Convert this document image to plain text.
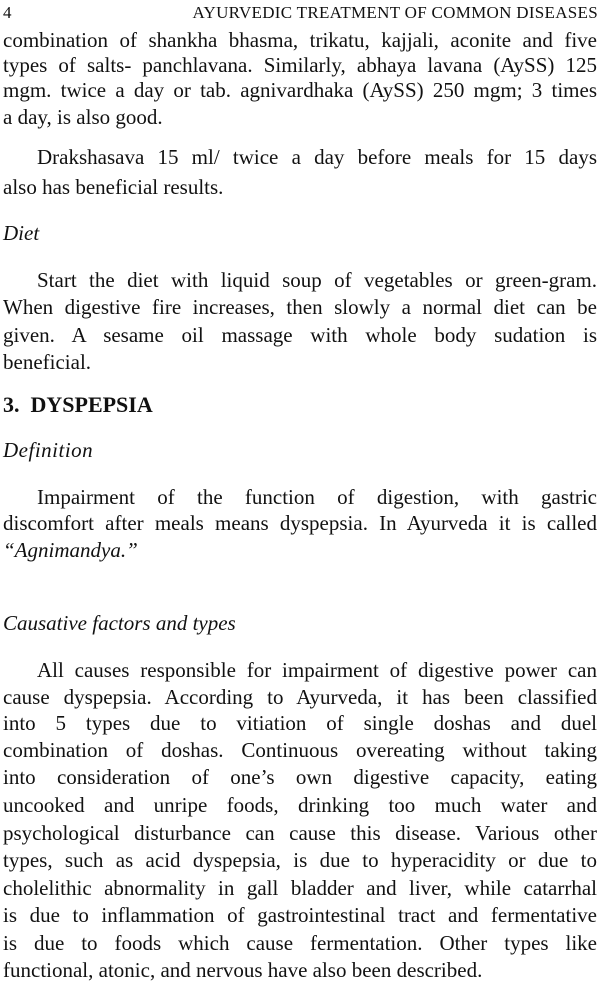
4	AYURVEDIC TREATMENT OF COMMON DISEASES
combination of shankha bhasma, trikatu, kajjali, aconite and five
types of salts- panchlavana. Similarly, abhaya lavana (AySS) 125
mgm. twice a day or tab. agnivardhaka (AySS) 250 mgm; 3 times
a day, is also good.
Drakshasava 15 ml/ twice a day before meals for 15 days
also has beneficial results.
Diet
Start the diet with liquid soup of vegetables or green-gram.
When digestive fire increases, then slowly a normal diet can be
given. A sesame oil massage with whole body sudation is
beneficial.
3.  DYSPEPSIA
Definition
Impairment of the function of digestion, with gastric
discomfort after meals means dyspepsia. In Ayurveda it is called
“Agnimandya.”
Causative factors and types
All causes responsible for impairment of digestive power can
cause dyspepsia. According to Ayurveda, it has been classified
into 5 types due to vitiation of single doshas and duel
combination of doshas. Continuous overeating without taking
into consideration of one’s own digestive capacity, eating
uncooked and unripe foods, drinking too much water and
psychological disturbance can cause this disease. Various other
types, such as acid dyspepsia, is due to hyperacidity or due to
cholelithic abnormality in gall bladder and liver, while catarrhal
is due to inflammation of gastrointestinal tract and fermentative
is due to foods which cause fermentation. Other types like
functional, atonic, and nervous have also been described.
